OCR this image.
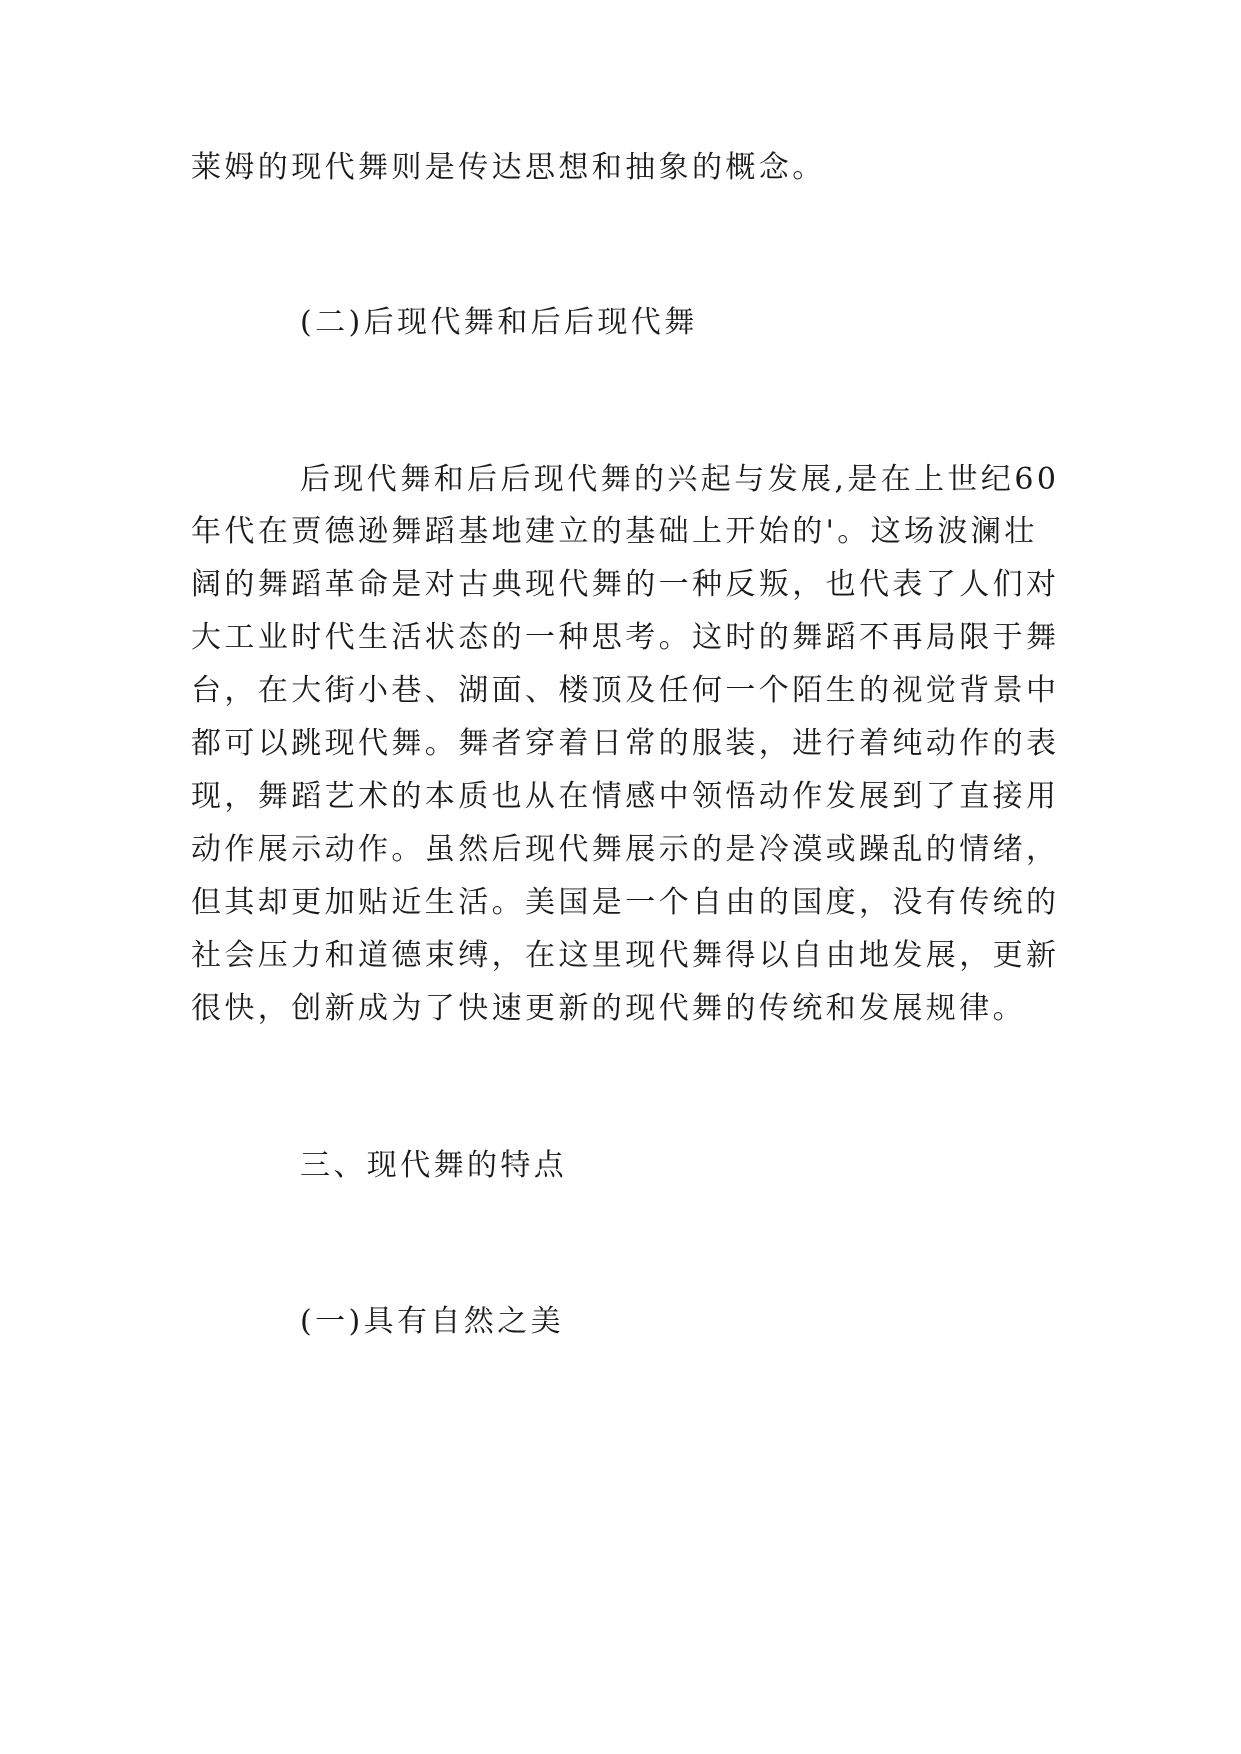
莱姆的现代舞则是传达思想和抽象的概念。
(二)后现代舞和后后现代舞
后现代舞和后后现代舞的兴起与发展,是在上世纪60
年代在贾德逊舞蹈基地建立的基础上开始的'。这场波澜壮
阔的舞蹈革命是对古典现代舞的一种反叛，也代表了人们对
大工业时代生活状态的一种思考。这时的舞蹈不再局限于舞
台，在大街小巷、湖面、楼顶及任何一个陌生的视觉背景中
都可以跳现代舞。舞者穿着日常的服装，进行着纯动作的表
现，舞蹈艺术的本质也从在情感中领悟动作发展到了直接用
动作展示动作。虽然后现代舞展示的是冷漠或躁乱的情绪，
但其却更加贴近生活。美国是一个自由的国度，没有传统的
社会压力和道德束缚，在这里现代舞得以自由地发展，更新
很快，创新成为了快速更新的现代舞的传统和发展规律。
三、现代舞的特点
(一)具有自然之美
